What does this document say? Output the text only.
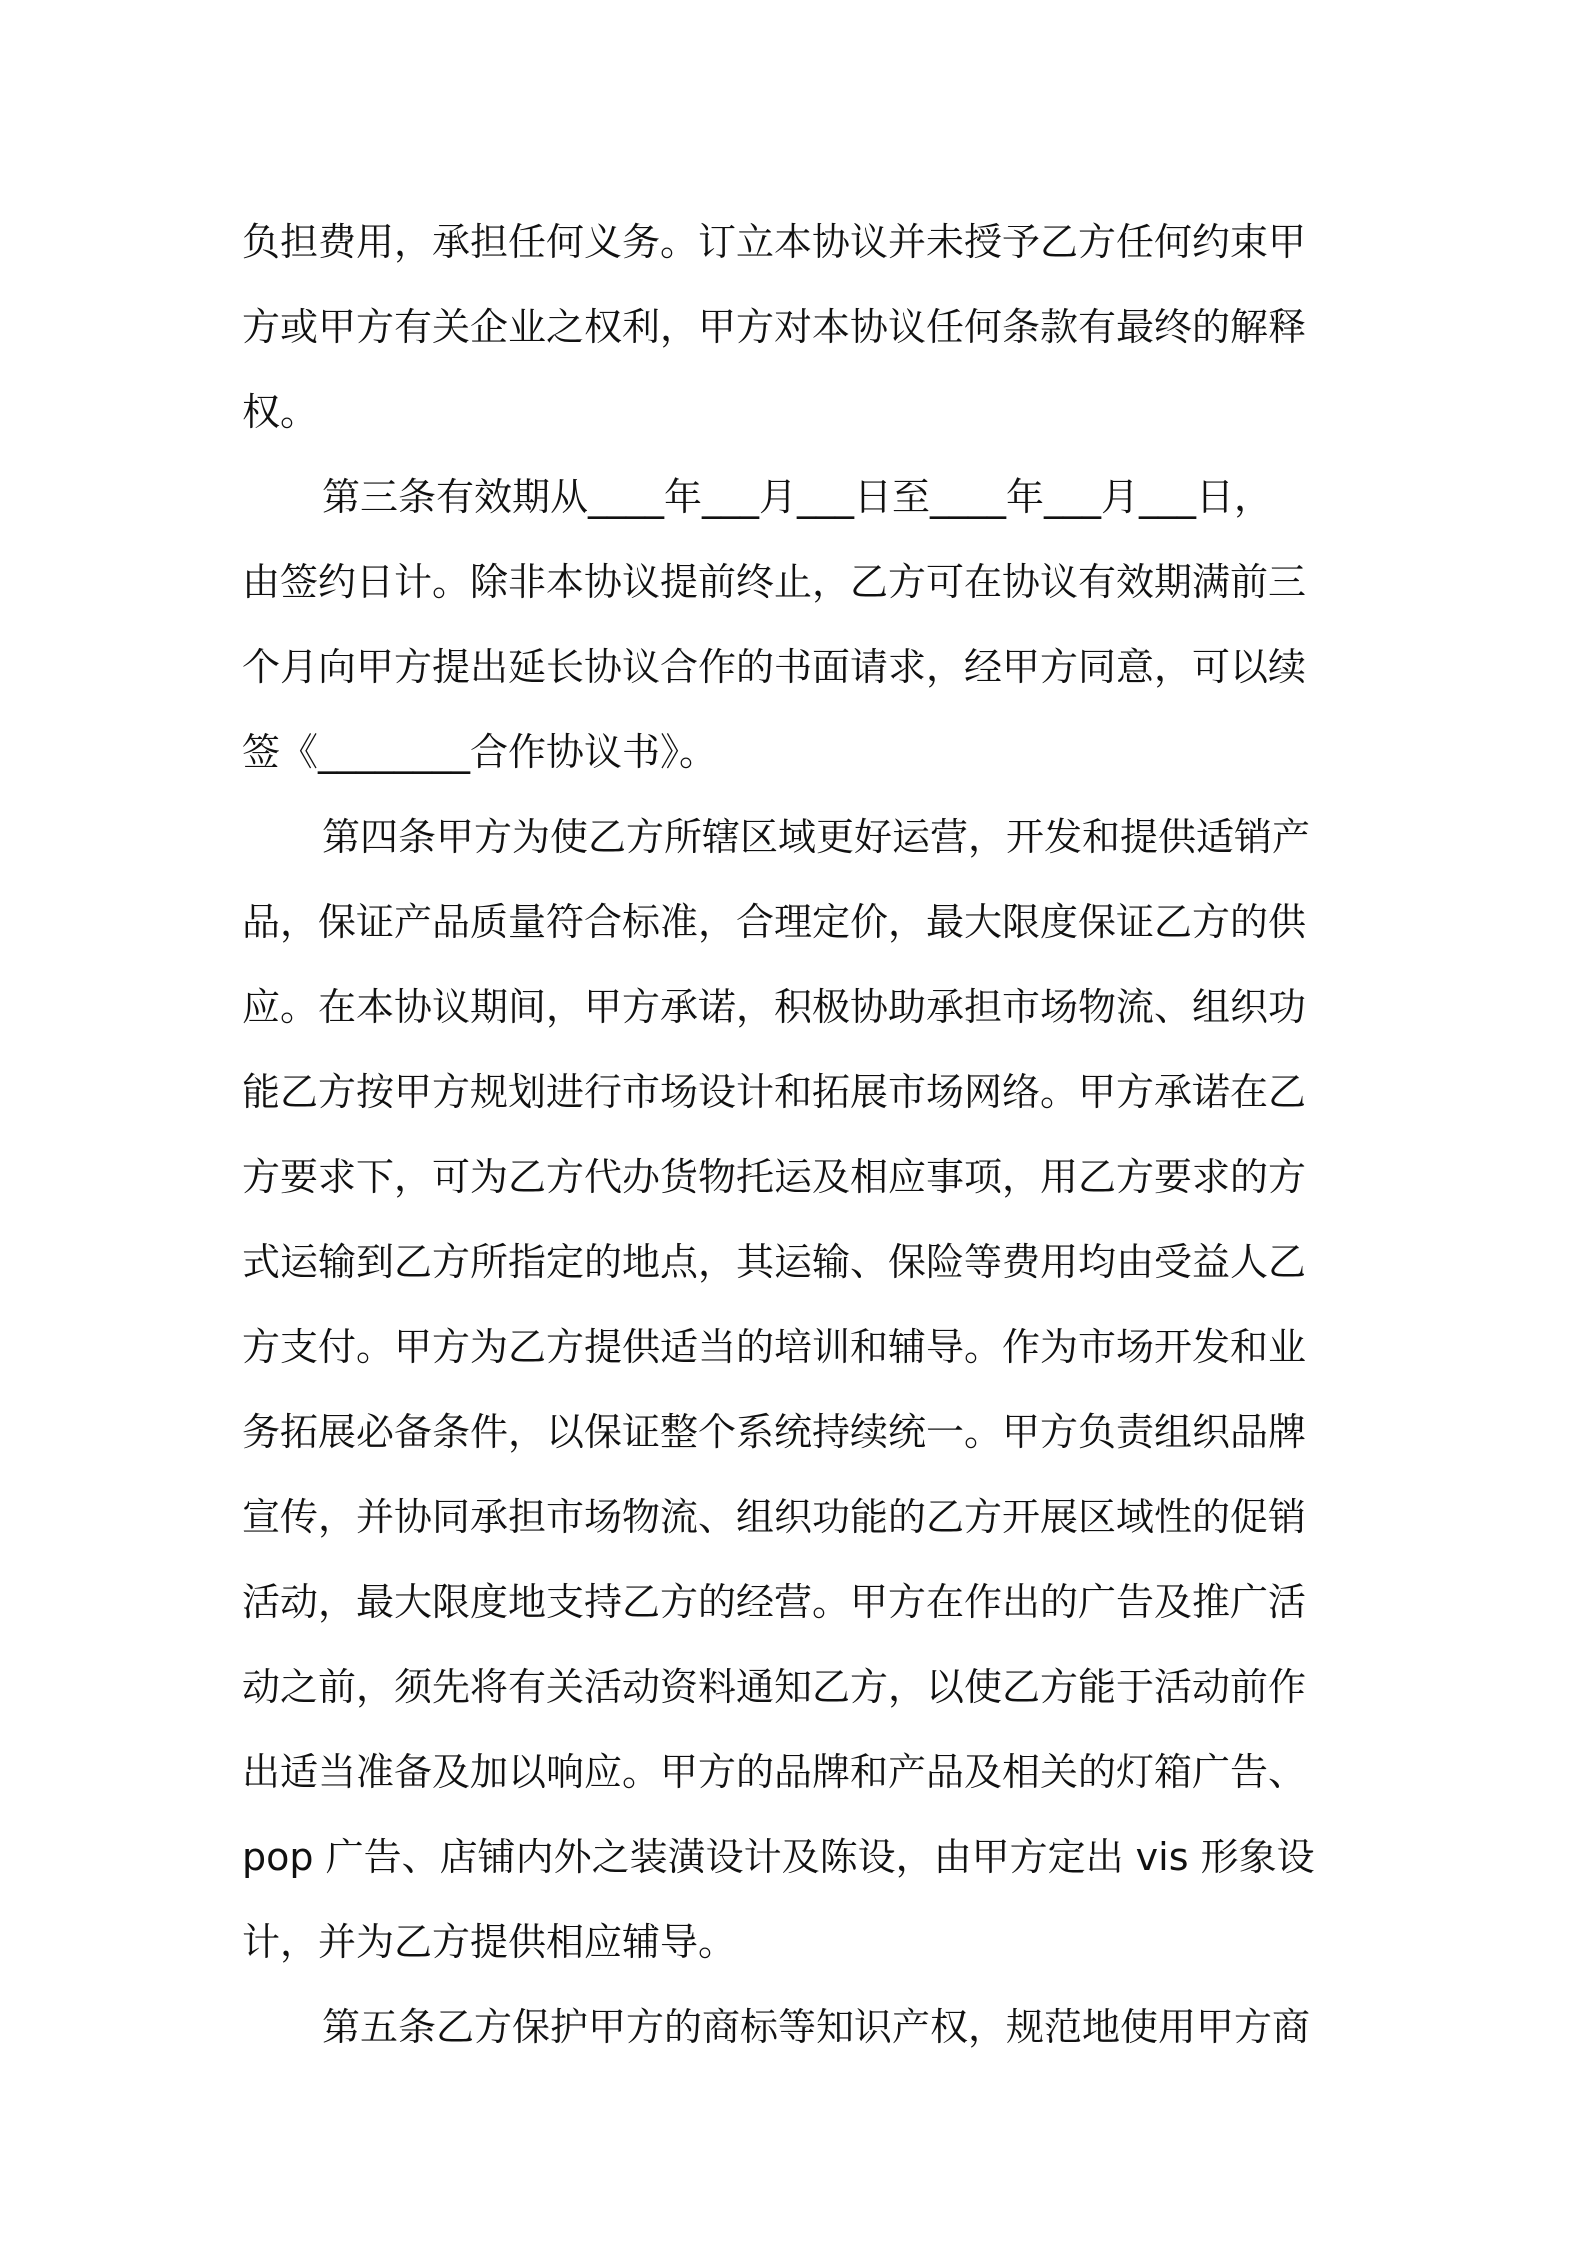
负担费用，承担任何义务。订立本协议并未授予乙方任何约束甲
方或甲方有关企业之权利，甲方对本协议任何条款有最终的解释
权。
第三条有效期从____年___月___日至____年___月___日，
由签约日计。除非本协议提前终止，乙方可在协议有效期满前三
个月向甲方提出延长协议合作的书面请求，经甲方同意，可以续
签《________合作协议书》。
第四条甲方为使乙方所辖区域更好运营，开发和提供适销产
品，保证产品质量符合标准，合理定价，最大限度保证乙方的供
应。在本协议期间，甲方承诺，积极协助承担市场物流、组织功
能乙方按甲方规划进行市场设计和拓展市场网络。甲方承诺在乙
方要求下，可为乙方代办货物托运及相应事项，用乙方要求的方
式运输到乙方所指定的地点，其运输、保险等费用均由受益人乙
方支付。甲方为乙方提供适当的培训和辅导。作为市场开发和业
务拓展必备条件，以保证整个系统持续统一。甲方负责组织品牌
宣传，并协同承担市场物流、组织功能的乙方开展区域性的促销
活动，最大限度地支持乙方的经营。甲方在作出的广告及推广活
动之前，须先将有关活动资料通知乙方，以使乙方能于活动前作
出适当准备及加以响应。甲方的品牌和产品及相关的灯箱广告、
pop 广告、店铺内外之装潢设计及陈设，由甲方定出 vis 形象设
计，并为乙方提供相应辅导。
第五条乙方保护甲方的商标等知识产权，规范地使用甲方商
